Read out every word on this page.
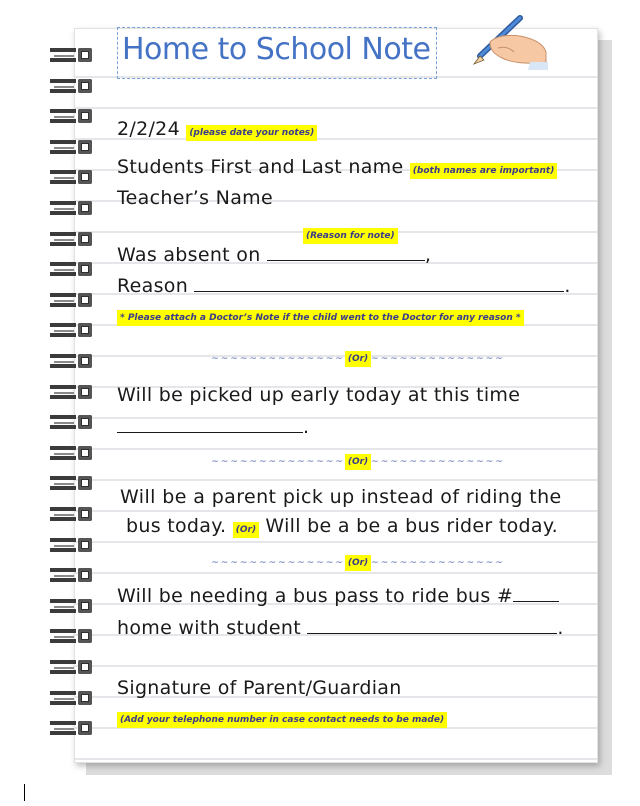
Home to School Note
2/2/24 (please date your notes)
Students First and Last name (both names are important)
Teacher’s Name
(Reason for note)
Was absent on	,
Reason	.
* Please attach a Doctor’s Note if the child went to the Doctor for any reason *
~~~~~~~~~~~~~~ (Or) ~~~~~~~~~~~~~~
Will be picked up early today at this time
.
~~~~~~~~~~~~~~ (Or) ~~~~~~~~~~~~~~
Will be a parent pick up instead of riding the
bus today. (Or) Will be a be a bus rider today.
~~~~~~~~~~~~~~ (Or) ~~~~~~~~~~~~~~
Will be needing a bus pass to ride bus #
home with student	.
Signature of Parent/Guardian
(Add your telephone number in case contact needs to be made)
